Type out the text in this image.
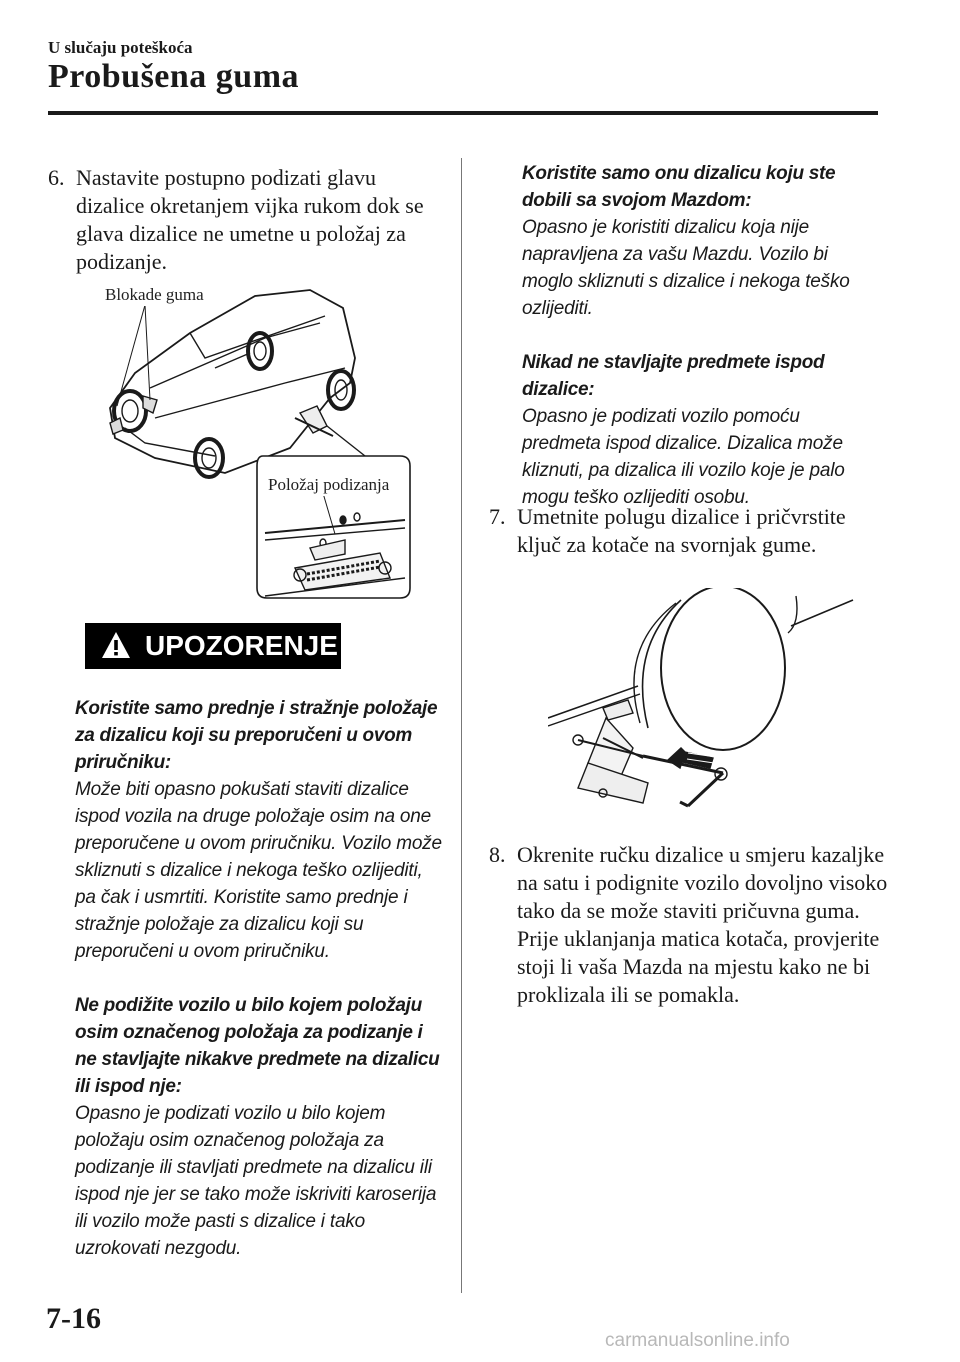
U slučaju poteškoća
Probušena guma
6. Nastavite postupno podizati glavu dizalice okretanjem vijka rukom dok se glava dizalice ne umetne u položaj za podizanje.
Blokade guma
Položaj podizanja
UPOZORENJE
Koristite samo prednje i stražnje položaje za dizalicu koji su preporučeni u ovom priručniku:
Može biti opasno pokušati staviti dizalice ispod vozila na druge položaje osim na one preporučene u ovom priručniku. Vozilo može skliznuti s dizalice i nekoga teško ozlijediti, pa čak i usmrtiti. Koristite samo prednje i stražnje položaje za dizalicu koji su preporučeni u ovom priručniku.
Ne podižite vozilo u bilo kojem položaju osim označenog položaja za podizanje i ne stavljajte nikakve predmete na dizalicu ili ispod nje:
Opasno je podizati vozilo u bilo kojem položaju osim označenog položaja za podizanje ili stavljati predmete na dizalicu ili ispod nje jer se tako može iskriviti karoserija ili vozilo može pasti s dizalice i tako uzrokovati nezgodu.
Koristite samo onu dizalicu koju ste dobili sa svojom Mazdom:
Opasno je koristiti dizalicu koja nije napravljena za vašu Mazdu. Vozilo bi moglo skliznuti s dizalice i nekoga teško ozlijediti.
Nikad ne stavljajte predmete ispod dizalice:
Opasno je podizati vozilo pomoću predmeta ispod dizalice. Dizalica može kliznuti, pa dizalica ili vozilo koje je palo mogu teško ozlijediti osobu.
7. Umetnite polugu dizalice i pričvrstite ključ za kotače na svornjak gume.
8. Okrenite ručku dizalice u smjeru kazaljke na satu i podignite vozilo dovoljno visoko tako da se može staviti pričuvna guma. Prije uklanjanja matica kotača, provjerite stoji li vaša Mazda na mjestu kako ne bi proklizala ili se pomakla.
7-16
carmanualsonline.info
